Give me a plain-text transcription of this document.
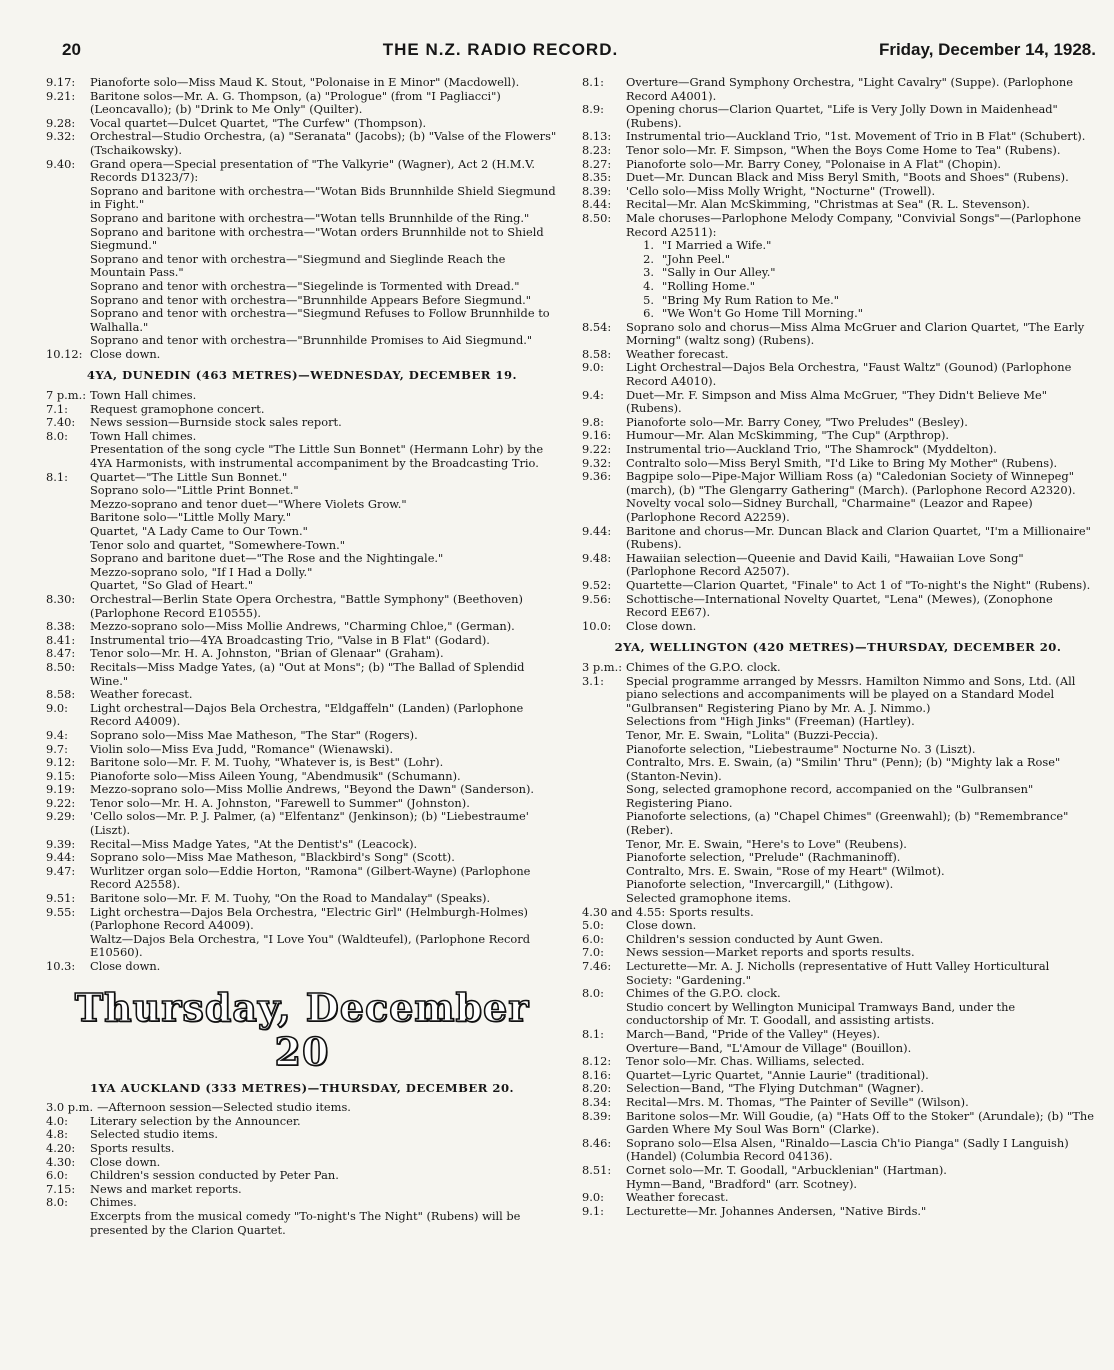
20	THE N.Z. RADIO RECORD.	Friday, December 14, 1928.
9.17:	Pianoforte solo—Miss Maud K. Stout, "Polonaise in E Minor" (Macdowell).
9.21:	Baritone solos—Mr. A. G. Thompson, (a) "Prologue" (from "I Pagliacci") (Leoncavallo); (b) "Drink to Me Only" (Quilter).
9.28:	Vocal quartet—Dulcet Quartet, "The Curfew" (Thompson).
9.32:	Orchestral—Studio Orchestra, (a) "Seranata" (Jacobs); (b) "Valse of the Flowers" (Tschaikowsky).
9.40:	Grand opera—Special presentation of "The Valkyrie" (Wagner), Act 2 (H.M.V. Records D1323/7):
Soprano and baritone with orchestra—"Wotan Bids Brunnhilde Shield Siegmund in Fight."
Soprano and baritone with orchestra—"Wotan tells Brunnhilde of the Ring."
Soprano and baritone with orchestra—"Wotan orders Brunnhilde not to Shield Siegmund."
Soprano and tenor with orchestra—"Siegmund and Sieglinde Reach the Mountain Pass."
Soprano and tenor with orchestra—"Siegelinde is Tormented with Dread."
Soprano and tenor with orchestra—"Brunnhilde Appears Before Siegmund."
Soprano and tenor with orchestra—"Siegmund Refuses to Follow Brunnhilde to Walhalla."
Soprano and tenor with orchestra—"Brunnhilde Promises to Aid Siegmund."
10.12: Close down.
4YA, DUNEDIN (463 METRES)—WEDNESDAY, DECEMBER 19.
7 p.m.: Town Hall chimes.
7.1:	Request gramophone concert.
7.40:	News session—Burnside stock sales report.
8.0:	Town Hall chimes.
Presentation of the song cycle "The Little Sun Bonnet" (Hermann Lohr) by the 4YA Harmonists, with instrumental accompaniment by the Broadcasting Trio.
8.1:	Quartet—"The Little Sun Bonnet."
Soprano solo—"Little Print Bonnet."
Mezzo-soprano and tenor duet—"Where Violets Grow."
Baritone solo—"Little Molly Mary."
Quartet, "A Lady Came to Our Town."
Tenor solo and quartet, "Somewhere-Town."
Soprano and baritone duet—"The Rose and the Nightingale."
Mezzo-soprano solo, "If I Had a Dolly."
Quartet, "So Glad of Heart."
8.30:	Orchestral—Berlin State Opera Orchestra, "Battle Symphony" (Beethoven) (Parlophone Record E10555).
8.38:	Mezzo-soprano solo—Miss Mollie Andrews, "Charming Chloe," (German).
8.41:	Instrumental trio—4YA Broadcasting Trio, "Valse in B Flat" (Godard).
8.47:	Tenor solo—Mr. H. A. Johnston, "Brian of Glenaar" (Graham).
8.50:	Recitals—Miss Madge Yates, (a) "Out at Mons"; (b) "The Ballad of Splendid Wine."
8.58:	Weather forecast.
9.0:	Light orchestral—Dajos Bela Orchestra, "Eldgaffeln" (Landen) (Parlophone Record A4009).
9.4:	Soprano solo—Miss Mae Matheson, "The Star" (Rogers).
9.7:	Violin solo—Miss Eva Judd, "Romance" (Wienawski).
9.12:	Baritone solo—Mr. F. M. Tuohy, "Whatever is, is Best" (Lohr).
9.15:	Pianoforte solo—Miss Aileen Young, "Abendmusik" (Schumann).
9.19:	Mezzo-soprano solo—Miss Mollie Andrews, "Beyond the Dawn" (Sanderson).
9.22:	Tenor solo—Mr. H. A. Johnston, "Farewell to Summer" (Johnston).
9.29:	'Cello solos—Mr. P. J. Palmer, (a) "Elfentanz" (Jenkinson); (b) "Liebestraume' (Liszt).
9.39:	Recital—Miss Madge Yates, "At the Dentist's" (Leacock).
9.44:	Soprano solo—Miss Mae Matheson, "Blackbird's Song" (Scott).
9.47:	Wurlitzer organ solo—Eddie Horton, "Ramona" (Gilbert-Wayne) (Parlophone Record A2558).
9.51:	Baritone solo—Mr. F. M. Tuohy, "On the Road to Mandalay" (Speaks).
9.55:	Light orchestra—Dajos Bela Orchestra, "Electric Girl" (Helmburgh-Holmes) (Parlophone Record A4009).
Waltz—Dajos Bela Orchestra, "I Love You" (Waldteufel), (Parlophone Record E10560).
10.3:	Close down.
Thursday, December 20
1YA AUCKLAND (333 METRES)—THURSDAY, DECEMBER 20.
3.0 p.m. —Afternoon session—Selected studio items.
4.0:	Literary selection by the Announcer.
4.8:	Selected studio items.
4.20:	Sports results.
4.30:	Close down.
6.0:	Children's session conducted by Peter Pan.
7.15:	News and market reports.
8.0:	Chimes.
Excerpts from the musical comedy "To-night's The Night" (Rubens) will be presented by the Clarion Quartet.
8.1:	Overture—Grand Symphony Orchestra, "Light Cavalry" (Suppe). (Parlophone Record A4001).
8.9:	Opening chorus—Clarion Quartet, "Life is Very Jolly Down in Maidenhead" (Rubens).
8.13:	Instrumental trio—Auckland Trio, "1st. Movement of Trio in B Flat" (Schubert).
8.23:	Tenor solo—Mr. F. Simpson, "When the Boys Come Home to Tea" (Rubens).
8.27:	Pianoforte solo—Mr. Barry Coney, "Polonaise in A Flat" (Chopin).
8.35:	Duet—Mr. Duncan Black and Miss Beryl Smith, "Boots and Shoes" (Rubens).
8.39:	'Cello solo—Miss Molly Wright, "Nocturne" (Trowell).
8.44:	Recital—Mr. Alan McSkimming, "Christmas at Sea" (R. L. Stevenson).
8.50:	Male choruses—Parlophone Melody Company, "Convivial Songs"—(Parlophone Record A2511):
1. "I Married a Wife."
2. "John Peel."
3. "Sally in Our Alley."
4. "Rolling Home."
5. "Bring My Rum Ration to Me."
6. "We Won't Go Home Till Morning."
8.54:	Soprano solo and chorus—Miss Alma McGruer and Clarion Quartet, "The Early Morning" (waltz song) (Rubens).
8.58:	Weather forecast.
9.0:	Light Orchestral—Dajos Bela Orchestra, "Faust Waltz" (Gounod) (Parlophone Record A4010).
9.4:	Duet—Mr. F. Simpson and Miss Alma McGruer, "They Didn't Believe Me" (Rubens).
9.8:	Pianoforte solo—Mr. Barry Coney, "Two Preludes" (Besley).
9.16:	Humour—Mr. Alan McSkimming, "The Cup" (Arpthrop).
9.22:	Instrumental trio—Auckland Trio, "The Shamrock" (Myddelton).
9.32:	Contralto solo—Miss Beryl Smith, "I'd Like to Bring My Mother" (Rubens).
9.36:	Bagpipe solo—Pipe-Major William Ross (a) "Caledonian Society of Winnepeg" (march), (b) "The Glengarry Gathering" (March). (Parlophone Record A2320).
Novelty vocal solo—Sidney Burchall, "Charmaine" (Leazor and Rapee) (Parlophone Record A2259).
9.44:	Baritone and chorus—Mr. Duncan Black and Clarion Quartet, "I'm a Millionaire" (Rubens).
9.48:	Hawaiian selection—Queenie and David Kaili, "Hawaiian Love Song" (Parlophone Record A2507).
9.52:	Quartette—Clarion Quartet, "Finale" to Act 1 of "To-night's the Night" (Rubens).
9.56:	Schottische—International Novelty Quartet, "Lena" (Mewes), (Zonophone Record EE67).
10.0:	Close down.
2YA, WELLINGTON (420 METRES)—THURSDAY, DECEMBER 20.
3 p.m.: Chimes of the G.P.O. clock.
3.1:	Special programme arranged by Messrs. Hamilton Nimmo and Sons, Ltd. (All piano selections and accompaniments will be played on a Standard Model "Gulbransen" Registering Piano by Mr. A. J. Nimmo.)
Selections from "High Jinks" (Freeman) (Hartley).
Tenor, Mr. E. Swain, "Lolita" (Buzzi-Peccia).
Pianoforte selection, "Liebestraume" Nocturne No. 3 (Liszt).
Contralto, Mrs. E. Swain, (a) "Smilin' Thru" (Penn); (b) "Mighty lak a Rose" (Stanton-Nevin).
Song, selected gramophone record, accompanied on the "Gulbransen" Registering Piano.
Pianoforte selections, (a) "Chapel Chimes" (Greenwahl); (b) "Remembrance" (Reber).
Tenor, Mr. E. Swain, "Here's to Love" (Reubens).
Pianoforte selection, "Prelude" (Rachmaninoff).
Contralto, Mrs. E. Swain, "Rose of my Heart" (Wilmot).
Pianoforte selection, "Invercargill," (Lithgow).
Selected gramophone items.
4.30 and 4.55: Sports results.
5.0:	Close down.
6.0:	Children's session conducted by Aunt Gwen.
7.0:	News session—Market reports and sports results.
7.46:	Lecturette—Mr. A. J. Nicholls (representative of Hutt Valley Horticultural Society: "Gardening."
8.0:	Chimes of the G.P.O. clock.
Studio concert by Wellington Municipal Tramways Band, under the conductorship of Mr. T. Goodall, and assisting artists.
8.1:	March—Band, "Pride of the Valley" (Heyes).
Overture—Band, "L'Amour de Village" (Bouillon).
8.12:	Tenor solo—Mr. Chas. Williams, selected.
8.16:	Quartet—Lyric Quartet, "Annie Laurie" (traditional).
8.20:	Selection—Band, "The Flying Dutchman" (Wagner).
8.34:	Recital—Mrs. M. Thomas, "The Painter of Seville" (Wilson).
8.39:	Baritone solos—Mr. Will Goudie, (a) "Hats Off to the Stoker" (Arundale); (b) "The Garden Where My Soul Was Born" (Clarke).
8.46:	Soprano solo—Elsa Alsen, "Rinaldo—Lascia Ch'io Pianga" (Sadly I Languish) (Handel) (Columbia Record 04136).
8.51:	Cornet solo—Mr. T. Goodall, "Arbucklenian" (Hartman).
Hymn—Band, "Bradford" (arr. Scotney).
9.0:	Weather forecast.
9.1:	Lecturette—Mr. Johannes Andersen, "Native Birds."
